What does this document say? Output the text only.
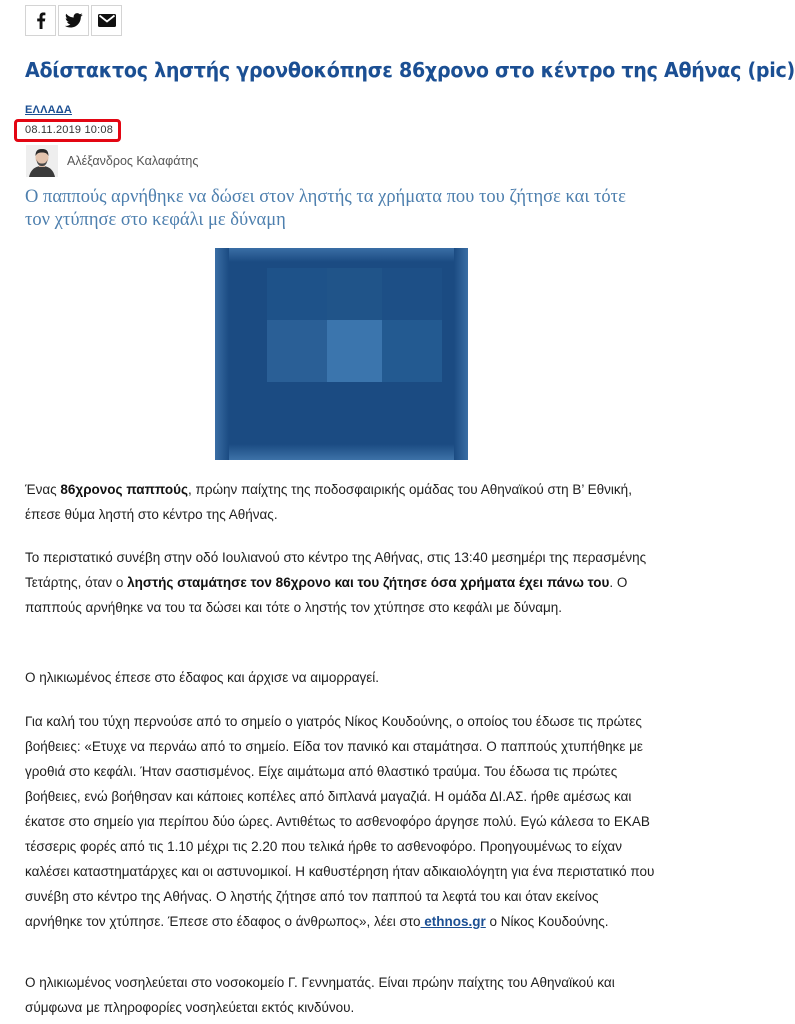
Αδίστακτος ληστής γρονθοκόπησε 86χρονο στο κέντρο της Αθήνας (pic)
ΕΛΛΑΔΑ
08.11.2019 10:08
Αλέξανδρος Καλαφάτης

Ο παππούς αρνήθηκε να δώσει στον ληστής τα χρήματα που του ζήτησε και τότε τον χτύπησε στο κεφάλι με δύναμη

Ένας 86χρονος παππούς, πρώην παίχτης της ποδοσφαιρικής ομάδας του Αθηναϊκού στη Β’ Εθνική, έπεσε θύμα ληστή στο κέντρο της Αθήνας.

Το περιστατικό συνέβη στην οδό Ιουλιανού στο κέντρο της Αθήνας, στις 13:40 μεσημέρι της περασμένης Τετάρτης, όταν ο ληστής σταμάτησε τον 86χρονο και του ζήτησε όσα χρήματα έχει πάνω του. Ο παππούς αρνήθηκε να του τα δώσει και τότε ο ληστής τον χτύπησε στο κεφάλι με δύναμη.

Ο ηλικιωμένος έπεσε στο έδαφος και άρχισε να αιμορραγεί.

Για καλή του τύχη περνούσε από το σημείο ο γιατρός Νίκος Κουδούνης, ο οποίος του έδωσε τις πρώτες βοήθειες: «Ετυχε να περνάω από το σημείο. Είδα τον πανικό και σταμάτησα. Ο παππούς χτυπήθηκε με γροθιά στο κεφάλι. Ήταν σαστισμένος. Είχε αιμάτωμα από θλαστικό τραύμα. Του έδωσα τις πρώτες βοήθειες, ενώ βοήθησαν και κάποιες κοπέλες από διπλανά μαγαζιά. Η ομάδα ΔΙ.ΑΣ. ήρθε αμέσως και έκατσε στο σημείο για περίπου δύο ώρες. Αντιθέτως το ασθενοφόρο άργησε πολύ. Εγώ κάλεσα το ΕΚΑΒ τέσσερις φορές από τις 1.10 μέχρι τις 2.20 που τελικά ήρθε το ασθενοφόρο. Προηγουμένως το είχαν καλέσει καταστηματάρχες και οι αστυνομικοί. Η καθυστέρηση ήταν αδικαιολόγητη για ένα περιστατικό που συνέβη στο κέντρο της Αθήνας. Ο ληστής ζήτησε από τον παππού τα λεφτά του και όταν εκείνος αρνήθηκε τον χτύπησε. Έπεσε στο έδαφος ο άνθρωπος», λέει στο ethnos.gr ο Νίκος Κουδούνης.

Ο ηλικιωμένος νοσηλεύεται στο νοσοκομείο Γ. Γεννηματάς. Είναι πρώην παίχτης του Αθηναϊκού και σύμφωνα με πληροφορίες νοσηλεύεται εκτός κινδύνου.
